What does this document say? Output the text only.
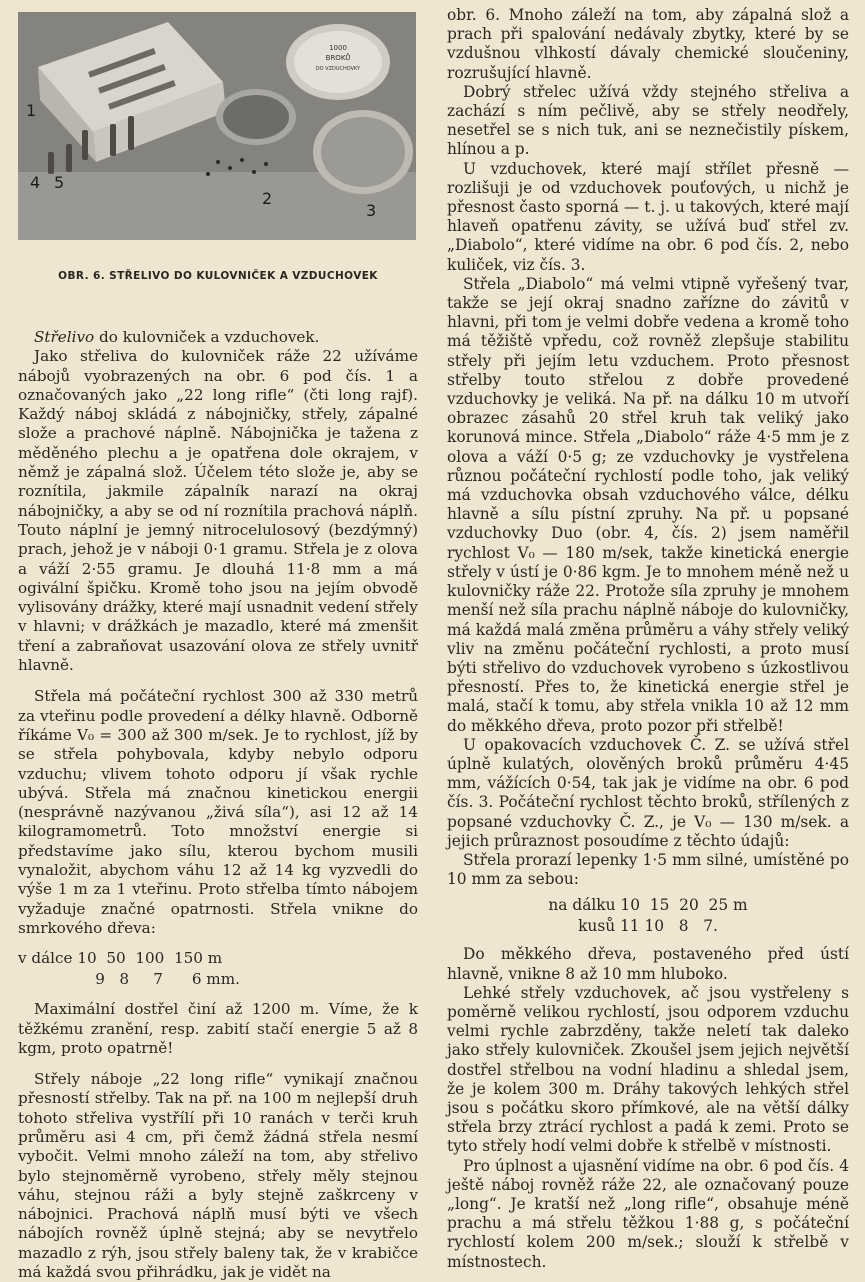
1000
BROKŮ
DO VZDUCHOVKY
1
2
3
4 5
OBR. 6. STŘELIVO DO KULOVNIČEK A VZDUCHOVEK

Střelivo do kulovniček a vzduchovek.

Jako střeliva do kulovniček ráže 22 užíváme nábojů vyobrazených na obr. 6 pod čís. 1 a označovaných jako „22 long rifle“ (čti long rajf). Každý náboj skládá z nábojničky, střely, zápalné slože a prachové náplně. Nábojnička je tažena z měděného plechu a je opatřena dole okrajem, v němž je zápalná slož. Účelem této slože je, aby se roznítila, jakmile zápalník narazí na okraj nábojničky, a aby se od ní roznítila prachová náplň. Touto náplní je jemný nitrocelulosový (bezdýmný) prach, jehož je v náboji 0·1 gramu. Střela je z olova a váží 2·55 gramu. Je dlouhá 11·8 mm a má ogivální špičku. Kromě toho jsou na jejím obvodě vylisovány drážky, které mají usnadnit vedení střely v hlavni; v drážkách je mazadlo, které má zmenšit tření a zabraňovat usazování olova ze střely uvnitř hlavně.

Střela má počáteční rychlost 300 až 330 metrů za vteřinu podle provedení a délky hlavně. Odborně říkáme V₀ = 300 až 300 m/sek. Je to rychlost, jíž by se střela pohybovala, kdyby nebylo odporu vzduchu; vlivem tohoto odporu jí však rychle ubývá. Střela má značnou kinetickou energii (nesprávně nazývanou „živá síla“), asi 12 až 14 kilogramometrů. Toto množství energie si představíme jako sílu, kterou bychom musili vynaložit, abychom váhu 12 až 14 kg vyzvedli do výše 1 m za 1 vteřinu. Proto střelba tímto nábojem vyžaduje značné opatrnosti. Střela vnikne do smrkového dřeva:

v dálce 10  50  100  150 m
9   8     7      6 mm.

Maximální dostřel činí až 1200 m. Víme, že k těžkému zranění, resp. zabití stačí energie 5 až 8 kgm, proto opatrně!

Střely náboje „22 long rifle“ vynikají značnou přesností střelby. Tak na př. na 100 m nejlepší druh tohoto střeliva vystřílí při 10 ranách v terči kruh průměru asi 4 cm, při čemž žádná střela nesmí vybočit. Velmi mnoho záleží na tom, aby střelivo bylo stejnoměrně vyrobeno, střely měly stejnou váhu, stejnou ráži a byly stejně zaškrceny v nábojnici. Prachová náplň musí býti ve všech nábojích rovněž úplně stejná; aby se nevytřelo mazadlo z rýh, jsou střely baleny tak, že v krabičce má každá svou přihrádku, jak je vidět na

obr. 6. Mnoho záleží na tom, aby zápalná slož a prach při spalování nedávaly zbytky, které by se vzdušnou vlhkostí dávaly chemické sloučeniny, rozrušující hlavně.

Dobrý střelec užívá vždy stejného střeliva a zachází s ním pečlivě, aby se střely neodřely, nesetřel se s nich tuk, ani se neznečistily pískem, hlínou a p.

U vzduchovek, které mají střílet přesně — rozlišuji je od vzduchovek pouťových, u nichž je přesnost často sporná — t. j. u takových, které mají hlaveň opatřenu závity, se užívá buď střel zv. „Diabolo“, které vidíme na obr. 6 pod čís. 2, nebo kuliček, viz čís. 3.

Střela „Diabolo“ má velmi vtipně vyřešený tvar, takže se její okraj snadno zaříznе do závitů v hlavni, při tom je velmi dobře vedena a kromě toho má těžiště vpředu, což rovněž zlepšuje stabilitu střely při jejím letu vzduchem. Proto přesnost střelby touto střelou z dobře provedené vzduchovky je veliká. Na př. na dálku 10 m utvoří obrazec zásahů 20 střel kruh tak veliký jako korunová mince. Střela „Diabolo“ ráže 4·5 mm je z olova a váží 0·5 g; ze vzduchovky je vystřelena různou počáteční rychlostí podle toho, jak veliký má vzduchovka obsah vzduchového válce, délku hlavně a sílu pístní zpruhy. Na př. u popsané vzduchovky Duo (obr. 4, čís. 2) jsem naměřil rychlost V₀ — 180 m/sek, takže kinetická energie střely v ústí je 0·86 kgm. Je to mnohem méně než u kulovničky ráže 22. Protože síla zpruhy je mnohem menší než síla prachu náplně náboje do kulovničky, má každá malá změna průměru a váhy střely veliký vliv na změnu počáteční rychlosti, a proto musí býti střelivo do vzduchovek vyrobeno s úzkostlivou přesností. Přes to, že kinetická energie střel je malá, stačí k tomu, aby střela vnikla 10 až 12 mm do měkkého dřeva, proto pozor při střelbě!

U opakovacích vzduchovek Č. Z. se užívá střel úplně kulatých, olověných broků průměru 4·45 mm, vážících 0·54, tak jak je vidíme na obr. 6 pod čís. 3. Počáteční rychlost těchto broků, střílených z popsané vzduchovky Č. Z., je V₀ — 130 m/sek. a jejich průraznost posoudíme z těchto údajů:

Střela prorazí lepenky 1·5 mm silné, umístěné po 10 mm za sebou:

na dálku 10  15  20  25 m
kusů 11 10   8   7.

Do měkkého dřeva, postaveného před ústí hlavně, vnikne 8 až 10 mm hluboko.

Lehké střely vzduchovek, ač jsou vystřeleny s poměrně velikou rychlostí, jsou odporem vzduchu velmi rychle zabrzděny, takže neletí tak daleko jako střely kulovniček. Zkoušel jsem jejich největší dostřel střelbou na vodní hladinu a shledal jsem, že je kolem 300 m. Dráhy takových lehkých střel jsou s počátku skoro přímkové, ale na větší dálky střela brzy ztrácí rychlost a padá k zemi. Proto se tyto střely hodí velmi dobře k střelbě v místnosti.

Pro úplnost a ujasnění vidíme na obr. 6 pod čís. 4 ještě náboj rovněž ráže 22, ale označovaný pouze „long“. Je kratší než „long rifle“, obsahuje méně prachu a má střelu těžkou 1·88 g, s počáteční rychlostí kolem 200 m/sek.; slouží k střelbě v místnostech.
